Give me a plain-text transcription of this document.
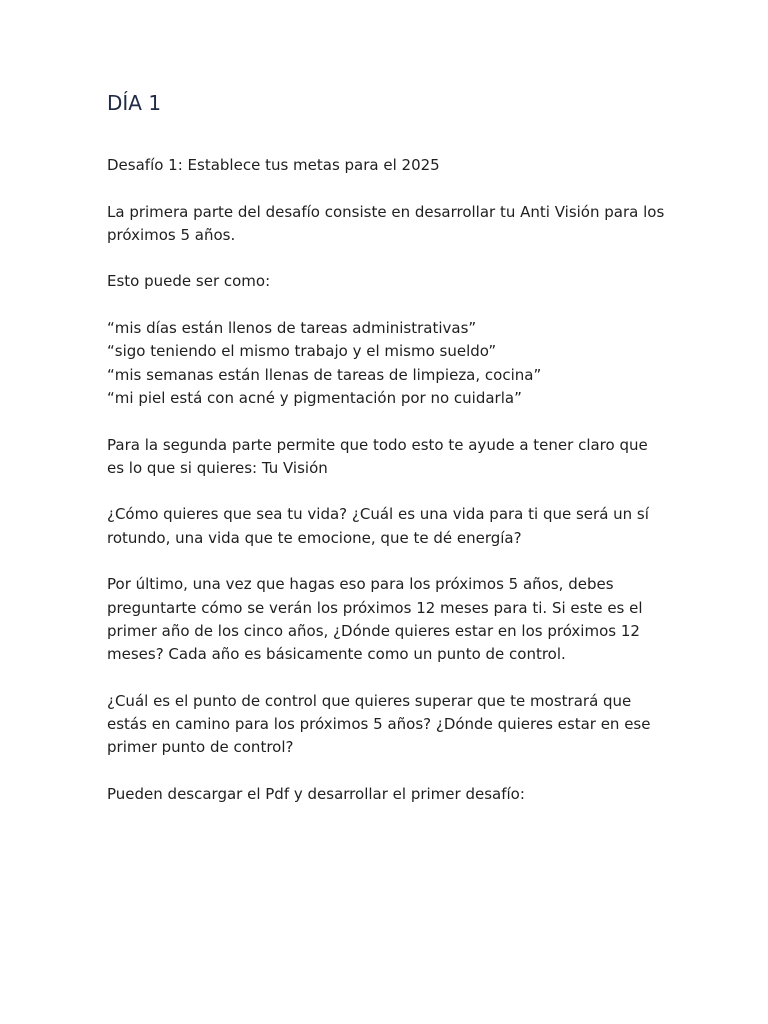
DÍA 1

Desafío 1: Establece tus metas para el 2025

La primera parte del desafío consiste en desarrollar tu Anti Visión para los próximos 5 años.

Esto puede ser como:

“mis días están llenos de tareas administrativas”
“sigo teniendo el mismo trabajo y el mismo sueldo”
“mis semanas están llenas de tareas de limpieza, cocina”
“mi piel está con acné y pigmentación por no cuidarla”

Para la segunda parte permite que todo esto te ayude a tener claro que es lo que si quieres: Tu Visión

¿Cómo quieres que sea tu vida? ¿Cuál es una vida para ti que será un sí rotundo, una vida que te emocione, que te dé energía?

Por último, una vez que hagas eso para los próximos 5 años, debes preguntarte cómo se verán los próximos 12 meses para ti. Si este es el primer año de los cinco años, ¿Dónde quieres estar en los próximos 12 meses? Cada año es básicamente como un punto de control.

¿Cuál es el punto de control que quieres superar que te mostrará que estás en camino para los próximos 5 años? ¿Dónde quieres estar en ese primer punto de control?

Pueden descargar el Pdf y desarrollar el primer desafío:
